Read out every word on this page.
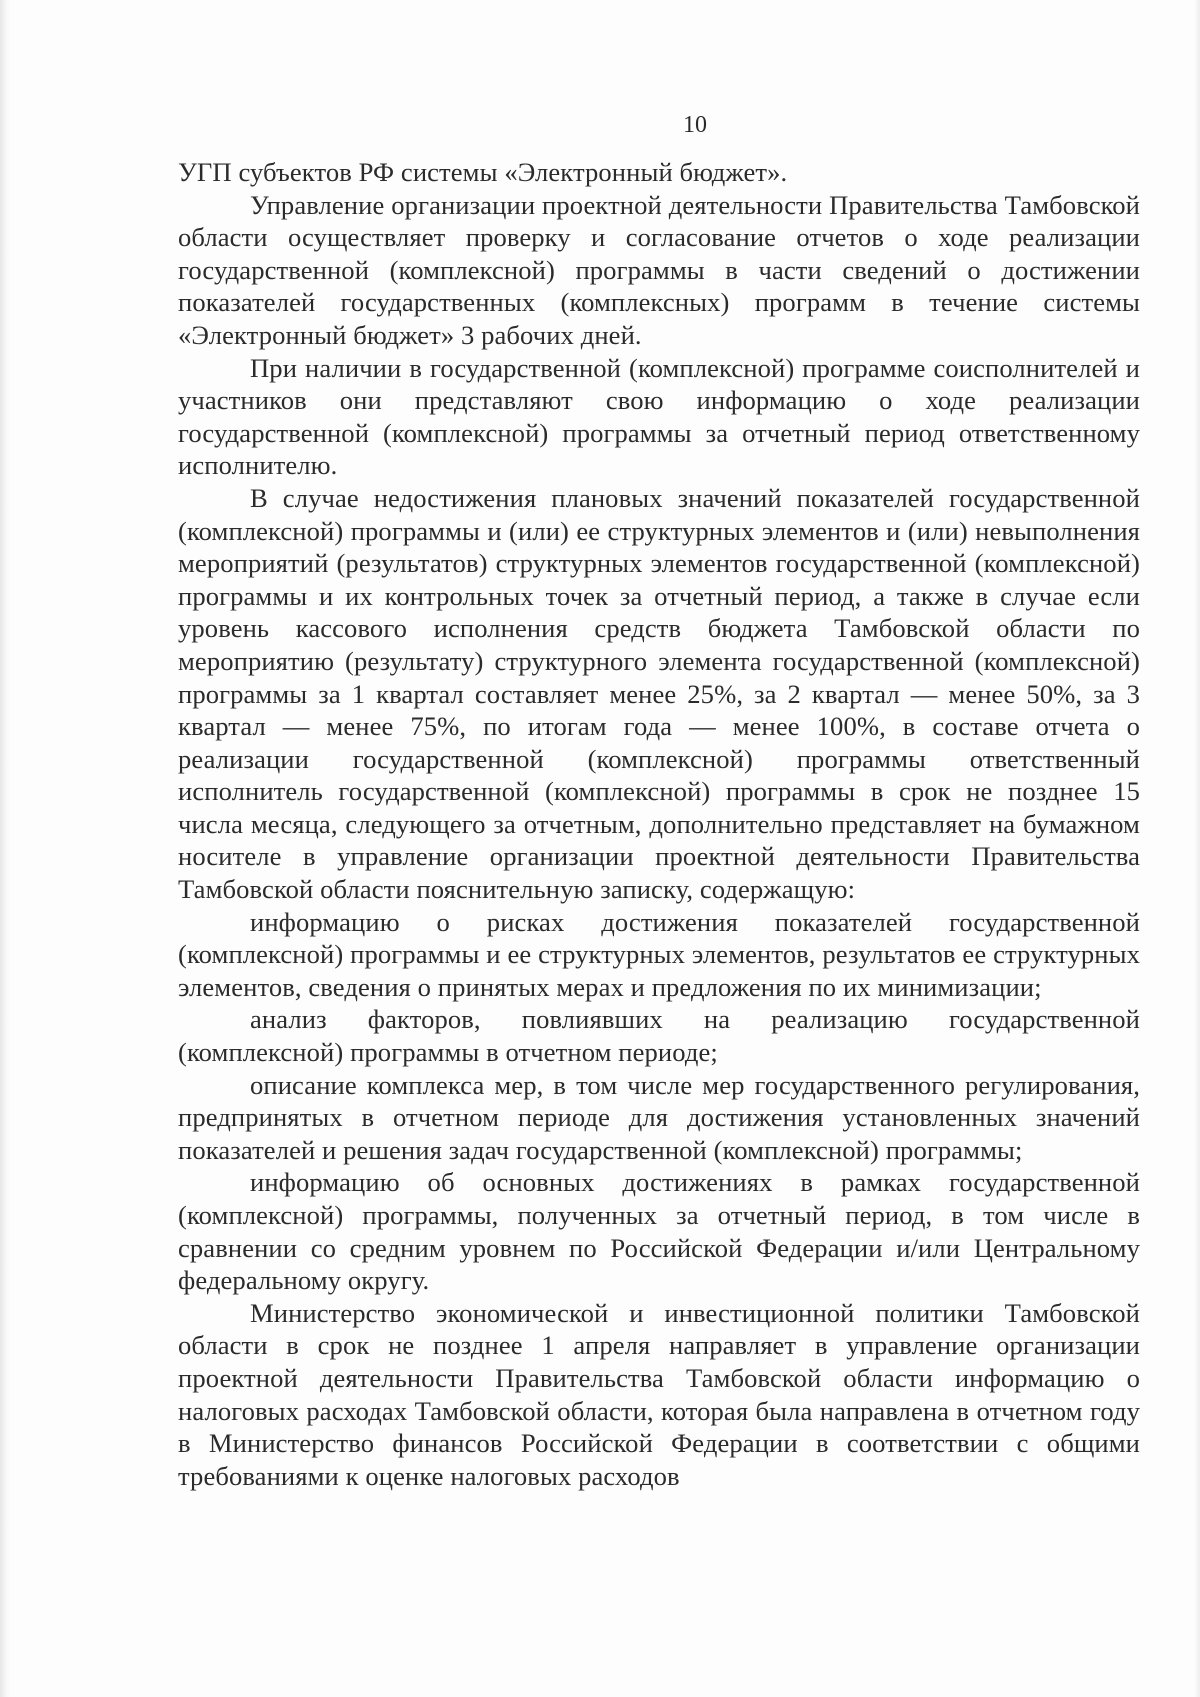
10

УГП субъектов РФ системы «Электронный бюджет».

Управление организации проектной деятельности Правительства Тамбовской области осуществляет проверку и согласование отчетов о ходе реализации государственной (комплексной) программы в части сведений о достижении показателей государственных (комплексных) программ в течение системы «Электронный бюджет» 3 рабочих дней.

При наличии в государственной (комплексной) программе соисполнителей и участников они представляют свою информацию о ходе реализации государственной (комплексной) программы за отчетный период ответственному исполнителю.

В случае недостижения плановых значений показателей государственной (комплексной) программы и (или) ее структурных элементов и (или) невыполнения мероприятий (результатов) структурных элементов государственной (комплексной) программы и их контрольных точек за отчетный период, а также в случае если уровень кассового исполнения средств бюджета Тамбовской области по мероприятию (результату) структурного элемента государственной (комплексной) программы за 1 квартал составляет менее 25%, за 2 квартал — менее 50%, за 3 квартал — менее 75%, по итогам года — менее 100%, в составе отчета о реализации государственной (комплексной) программы ответственный исполнитель государственной (комплексной) программы в срок не позднее 15 числа месяца, следующего за отчетным, дополнительно представляет на бумажном носителе в управление организации проектной деятельности Правительства Тамбовской области пояснительную записку, содержащую:

информацию о рисках достижения показателей государственной (комплексной) программы и ее структурных элементов, результатов ее структурных элементов, сведения о принятых мерах и предложения по их минимизации;

анализ факторов, повлиявших на реализацию государственной (комплексной) программы в отчетном периоде;

описание комплекса мер, в том числе мер государственного регулирования, предпринятых в отчетном периоде для достижения установленных значений показателей и решения задач государственной (комплексной) программы;

информацию об основных достижениях в рамках государственной (комплексной) программы, полученных за отчетный период, в том числе в сравнении со средним уровнем по Российской Федерации и/или Центральному федеральному округу.

Министерство экономической и инвестиционной политики Тамбовской области в срок не позднее 1 апреля направляет в управление организации проектной деятельности Правительства Тамбовской области информацию о налоговых расходах Тамбовской области, которая была направлена в отчетном году в Министерство финансов Российской Федерации в соответствии с общими требованиями к оценке налоговых расходов
